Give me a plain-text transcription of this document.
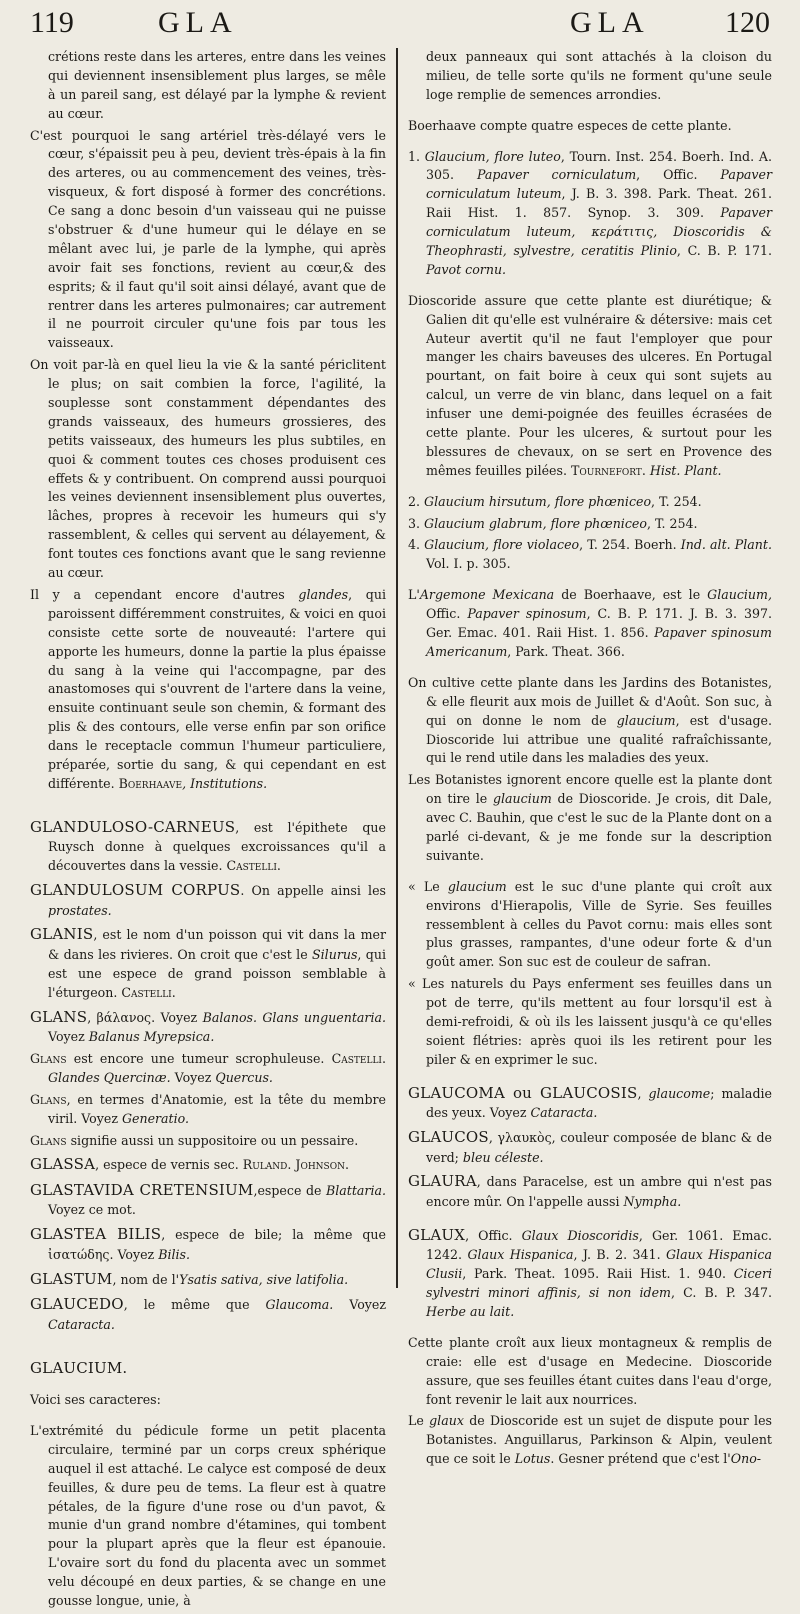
119	GLA	GLA	120

crétions reste dans les arteres, entre dans les veines qui deviennent insensiblement plus larges, se mêle à un pareil sang, est délayé par la lymphe & revient au cœur.

C'est pourquoi le sang artériel très-délayé vers le cœur, s'épaissit peu à peu, devient très-épais à la fin des arteres, ou au commencement des veines, très-visqueux, & fort disposé à former des concrétions. Ce sang a donc besoin d'un vaisseau qui ne puisse s'obstruer & d'une humeur qui le délaye en se mêlant avec lui, je parle de la lymphe, qui après avoir fait ses fonctions, revient au cœur,& des esprits; & il faut qu'il soit ainsi délayé, avant que de rentrer dans les arteres pulmonaires; car autrement il ne pourroit circuler qu'une fois par tous les vaisseaux.

On voit par-là en quel lieu la vie & la santé périclitent le plus; on sait combien la force, l'agilité, la souplesse sont constamment dépendantes des grands vaisseaux, des humeurs grossieres, des petits vaisseaux, des humeurs les plus subtiles, en quoi & comment toutes ces choses produisent ces effets & y contribuent. On comprend aussi pourquoi les veines deviennent insensiblement plus ouvertes, lâches, propres à recevoir les humeurs qui s'y rassemblent, & celles qui servent au délayement, & font toutes ces fonctions avant que le sang revienne au cœur.

Il y a cependant encore d'autres glandes, qui paroissent différemment construites, & voici en quoi consiste cette sorte de nouveauté: l'artere qui apporte les humeurs, donne la partie la plus épaisse du sang à la veine qui l'accompagne, par des anastomoses qui s'ouvrent de l'artere dans la veine, ensuite continuant seule son chemin, & formant des plis & des contours, elle verse enfin par son orifice dans le receptacle commun l'humeur particuliere, préparée, sortie du sang, & qui cependant en est différente. Boerhaave, Institutions.

GLANDULOSO-CARNEUS, est l'épithete que Ruysch donne à quelques excroissances qu'il a découvertes dans la vessie. Castelli.

GLANDULOSUM CORPUS. On appelle ainsi les prostates.

GLANIS, est le nom d'un poisson qui vit dans la mer & dans les rivieres. On croit que c'est le Silurus, qui est une espece de grand poisson semblable à l'éturgeon. Castelli.

GLANS, βάλανος. Voyez Balanos. Glans unguentaria. Voyez Balanus Myrepsica.

Glans est encore une tumeur scrophuleuse. Castelli. Glandes Quercinæ. Voyez Quercus.

Glans, en termes d'Anatomie, est la tête du membre viril. Voyez Generatio.

Glans signifie aussi un suppositoire ou un pessaire.

GLASSA, espece de vernis sec. Ruland. Johnson.

GLASTAVIDA CRETENSIUM,espece de Blattaria. Voyez ce mot.

GLASTEA BILIS, espece de bile; la même que ἰσατώδης. Voyez Bilis.

GLASTUM, nom de l'Ysatis sativa, sive latifolia.

GLAUCEDO, le même que Glaucoma. Voyez Cataracta.

GLAUCIUM.

Voici ses caracteres:

L'extrémité du pédicule forme un petit placenta circulaire, terminé par un corps creux sphérique auquel il est attaché. Le calyce est composé de deux feuilles, & dure peu de tems. La fleur est à quatre pétales, de la figure d'une rose ou d'un pavot, & munie d'un grand nombre d'étamines, qui tombent pour la plupart après que la fleur est épanouie. L'ovaire sort du fond du placenta avec un sommet velu découpé en deux parties, & se change en une gousse longue, unie, à

deux panneaux qui sont attachés à la cloison du milieu, de telle sorte qu'ils ne forment qu'une seule loge remplie de semences arrondies.

Boerhaave compte quatre especes de cette plante.

1. Glaucium, flore luteo, Tourn. Inst. 254. Boerh. Ind. A. 305. Papaver corniculatum, Offic. Papaver corniculatum luteum, J. B. 3. 398. Park. Theat. 261. Raii Hist. 1. 857. Synop. 3. 309. Papaver corniculatum luteum, κεράτιτις, Dioscoridis & Theophrasti, sylvestre, ceratitis Plinio, C. B. P. 171. Pavot cornu.

Dioscoride assure que cette plante est diurétique; & Galien dit qu'elle est vulnéraire & détersive: mais cet Auteur avertit qu'il ne faut l'employer que pour manger les chairs baveuses des ulceres. En Portugal pourtant, on fait boire à ceux qui sont sujets au calcul, un verre de vin blanc, dans lequel on a fait infuser une demi-poignée des feuilles écrasées de cette plante. Pour les ulceres, & surtout pour les blessures de chevaux, on se sert en Provence des mêmes feuilles pilées. Tournefort. Hist. Plant.

2. Glaucium hirsutum, flore phœniceo, T. 254.

3. Glaucium glabrum, flore phœniceo, T. 254.

4. Glaucium, flore violaceo, T. 254. Boerh. Ind. alt. Plant. Vol. I. p. 305.

L'Argemone Mexicana de Boerhaave, est le Glaucium, Offic. Papaver spinosum, C. B. P. 171. J. B. 3. 397. Ger. Emac. 401. Raii Hist. 1. 856. Papaver spinosum Americanum, Park. Theat. 366.

On cultive cette plante dans les Jardins des Botanistes, & elle fleurit aux mois de Juillet & d'Août. Son suc, à qui on donne le nom de glaucium, est d'usage. Dioscoride lui attribue une qualité rafraîchissante, qui le rend utile dans les maladies des yeux.

Les Botanistes ignorent encore quelle est la plante dont on tire le glaucium de Dioscoride. Je crois, dit Dale, avec C. Bauhin, que c'est le suc de la Plante dont on a parlé ci-devant, & je me fonde sur la description suivante.

« Le glaucium est le suc d'une plante qui croît aux environs d'Hierapolis, Ville de Syrie. Ses feuilles ressemblent à celles du Pavot cornu: mais elles sont plus grasses, rampantes, d'une odeur forte & d'un goût amer. Son suc est de couleur de safran.

« Les naturels du Pays enferment ses feuilles dans un pot de terre, qu'ils mettent au four lorsqu'il est à demi-refroidi, & où ils les laissent jusqu'à ce qu'elles soient flétries: après quoi ils les retirent pour les piler & en exprimer le suc.

GLAUCOMA ou GLAUCOSIS, glaucome; maladie des yeux. Voyez Cataracta.

GLAUCOS, γλαυκὸς, couleur composée de blanc & de verd; bleu céleste.

GLAURA, dans Paracelse, est un ambre qui n'est pas encore mûr. On l'appelle aussi Nympha.

GLAUX, Offic. Glaux Dioscoridis, Ger. 1061. Emac. 1242. Glaux Hispanica, J. B. 2. 341. Glaux Hispanica Clusii, Park. Theat. 1095. Raii Hist. 1. 940. Ciceri sylvestri minori affinis, si non idem, C. B. P. 347. Herbe au lait.

Cette plante croît aux lieux montagneux & remplis de craie: elle est d'usage en Medecine. Dioscoride assure, que ses feuilles étant cuites dans l'eau d'orge, font revenir le lait aux nourrices.

Le glaux de Dioscoride est un sujet de dispute pour les Botanistes. Anguillarus, Parkinson & Alpin, veulent que ce soit le Lotus. Gesner prétend que c'est l'Ono-
